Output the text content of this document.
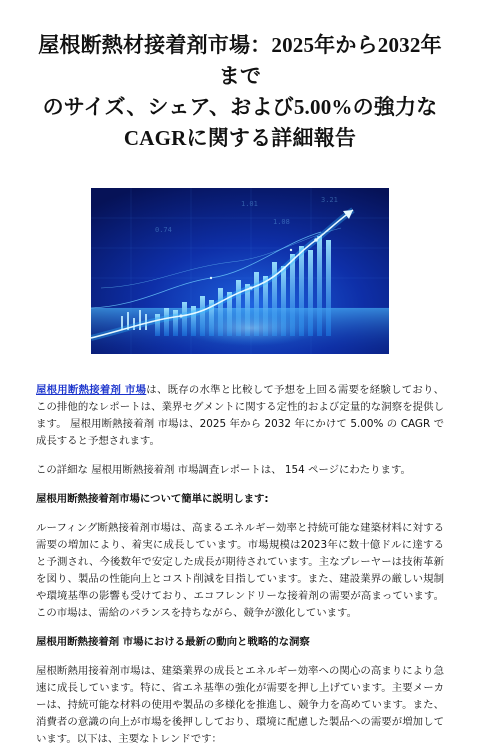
屋根断熱材接着剤市場：2025年から2032年まで
のサイズ、シェア、および5.00%の強力な
CAGRに関する詳細報告
1.01
1.08
0.74
3.21

屋根用断熱接着剤 市場は、既存の水準と比較して予想を上回る需要を経験しており、この排他的なレポートは、業界セグメントに関する定性的および定量的な洞察を提供します。 屋根用断熱接着剤 市場は、2025 年から 2032 年にかけて 5.00% の CAGR で成長すると予想されます。

この詳細な 屋根用断熱接着剤 市場調査レポートは、 154 ページにわたります。

屋根用断熱接着剤市場について簡単に説明します:

ルーフィング断熱接着剤市場は、高まるエネルギー効率と持続可能な建築材料に対する需要の増加により、着実に成長しています。市場規模は2023年に数十億ドルに達すると予測され、今後数年で安定した成長が期待されています。主なプレーヤーは技術革新を図り、製品の性能向上とコスト削減を目指しています。また、建設業界の厳しい規制や環境基準の影響も受けており、エコフレンドリーな接着剤の需要が高まっています。この市場は、需給のバランスを持ちながら、競争が激化しています。

屋根用断熱接着剤 市場における最新の動向と戦略的な洞察

屋根断熱用接着剤市場は、建築業界の成長とエネルギー効率への関心の高まりにより急速に成長しています。特に、省エネ基準の強化が需要を押し上げています。主要メーカーは、持続可能な材料の使用や製品の多様化を推進し、競争力を高めています。また、消費者の意識の向上が市場を後押ししており、環境に配慮した製品への需要が増加しています。以下は、主要なトレンドです：
